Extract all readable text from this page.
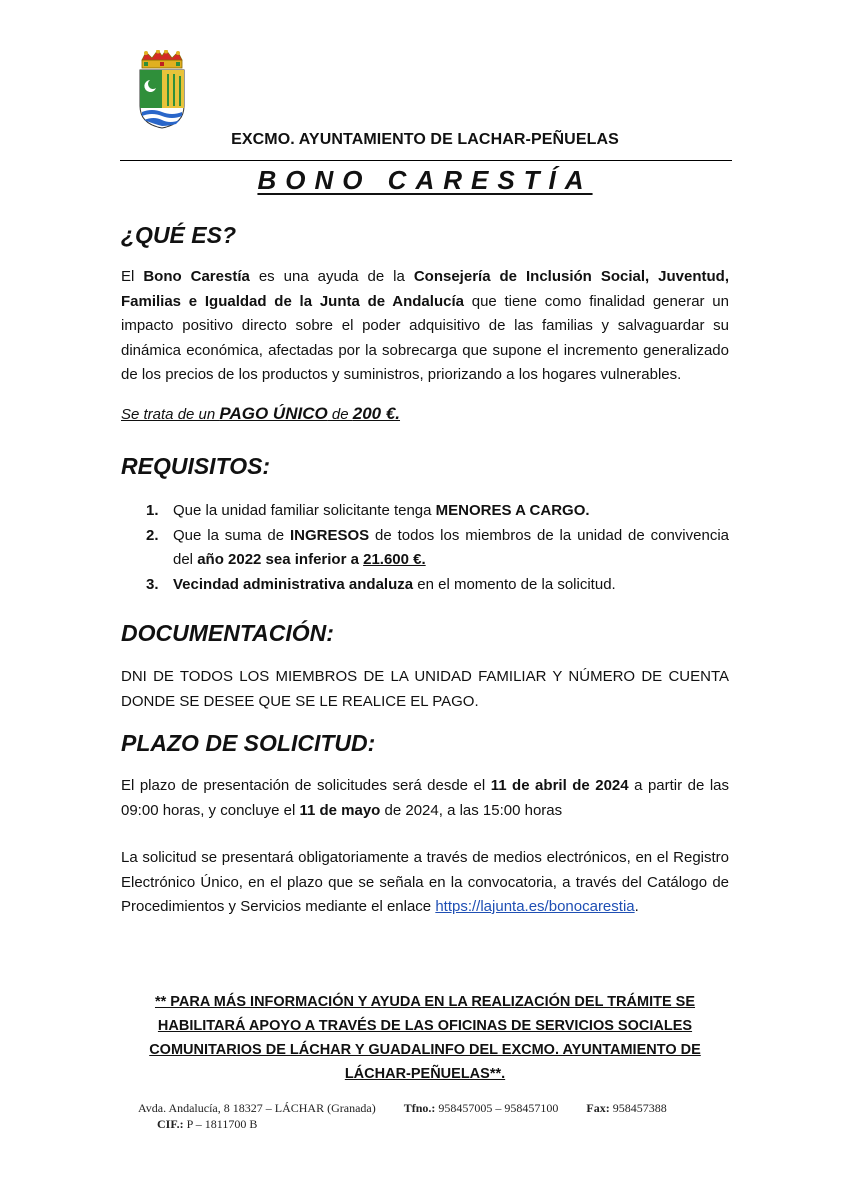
EXCMO. AYUNTAMIENTO DE LACHAR-PEÑUELAS
BONO CARESTÍA
¿QUÉ ES?
El Bono Carestía es una ayuda de la Consejería de Inclusión Social, Juventud, Familias e Igualdad de la Junta de Andalucía que tiene como finalidad generar un impacto positivo directo sobre el poder adquisitivo de las familias y salvaguardar su dinámica económica, afectadas por la sobrecarga que supone el incremento generalizado de los precios de los productos y suministros, priorizando a los hogares vulnerables.
Se trata de un PAGO ÚNICO de 200 €.
REQUISITOS:
1. Que la unidad familiar solicitante tenga MENORES A CARGO.
2. Que la suma de INGRESOS de todos los miembros de la unidad de convivencia del año 2022 sea inferior a 21.600 €.
3. Vecindad administrativa andaluza en el momento de la solicitud.
DOCUMENTACIÓN:
DNI DE TODOS LOS MIEMBROS DE LA UNIDAD FAMILIAR Y NÚMERO DE CUENTA DONDE SE DESEE QUE SE LE REALICE EL PAGO.
PLAZO DE SOLICITUD:
El plazo de presentación de solicitudes será desde el 11 de abril de 2024 a partir de las 09:00 horas, y concluye el 11 de mayo de 2024, a las 15:00 horas
La solicitud se presentará obligatoriamente a través de medios electrónicos, en el Registro Electrónico Único, en el plazo que se señala en la convocatoria, a través del Catálogo de Procedimientos y Servicios mediante el enlace https://lajunta.es/bonocarestia.
** PARA MÁS INFORMACIÓN Y AYUDA EN LA REALIZACIÓN DEL TRÁMITE SE HABILITARÁ APOYO A TRAVÉS DE LAS OFICINAS DE SERVICIOS SOCIALES COMUNITARIOS DE LÁCHAR Y GUADALINFO DEL EXCMO. AYUNTAMIENTO DE LÁCHAR-PEÑUELAS**.
Avda. Andalucía, 8 18327 – LÁCHAR (Granada) Tfno.: 958457005 – 958457100 Fax: 958457388
CIF.: P – 1811700 B
